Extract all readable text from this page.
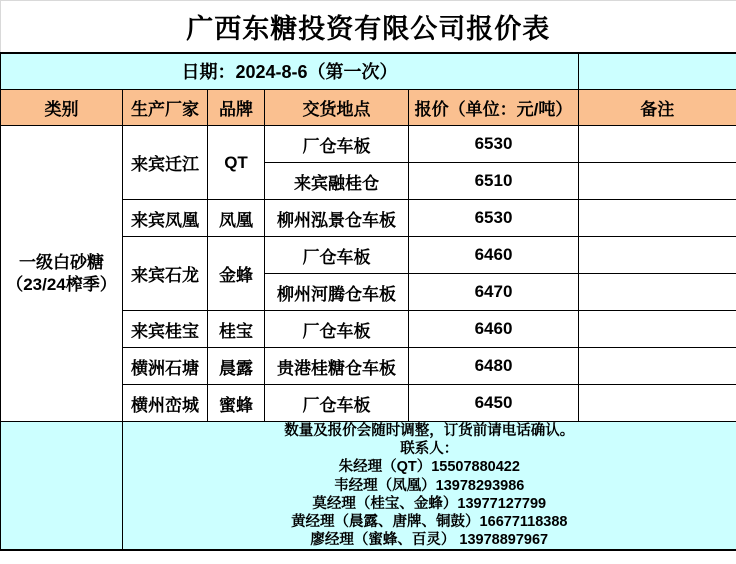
广西东糖投资有限公司报价表					
日期：2024-8-6（第一次）					
类别	生产厂家	品牌	交货地点	报价（单位：元/吨）	备注

一级白砂糖
（23/24榨季）	来宾迁江	QT	厂仓车板	6530	
			来宾融桂仓	6510	
	来宾凤凰	凤凰	柳州泓景仓车板	6530	
	来宾石龙	金蜂	厂仓车板	6460	
			柳州河腾仓车板	6470	
	来宾桂宝	桂宝	厂仓车板	6460	
	横洲石塘	晨露	贵港桂糖仓车板	6480	
	横州峦城	蜜蜂	厂仓车板	6450	

数量及报价会随时调整，订货前请电话确认。
联系人：
朱经理（QT）15507880422
韦经理（凤凰）13978293986
莫经理（桂宝、金蜂）13977127799
黄经理（晨露、唐牌、铜鼓）16677118388
廖经理（蜜蜂、百灵） 13978897967
